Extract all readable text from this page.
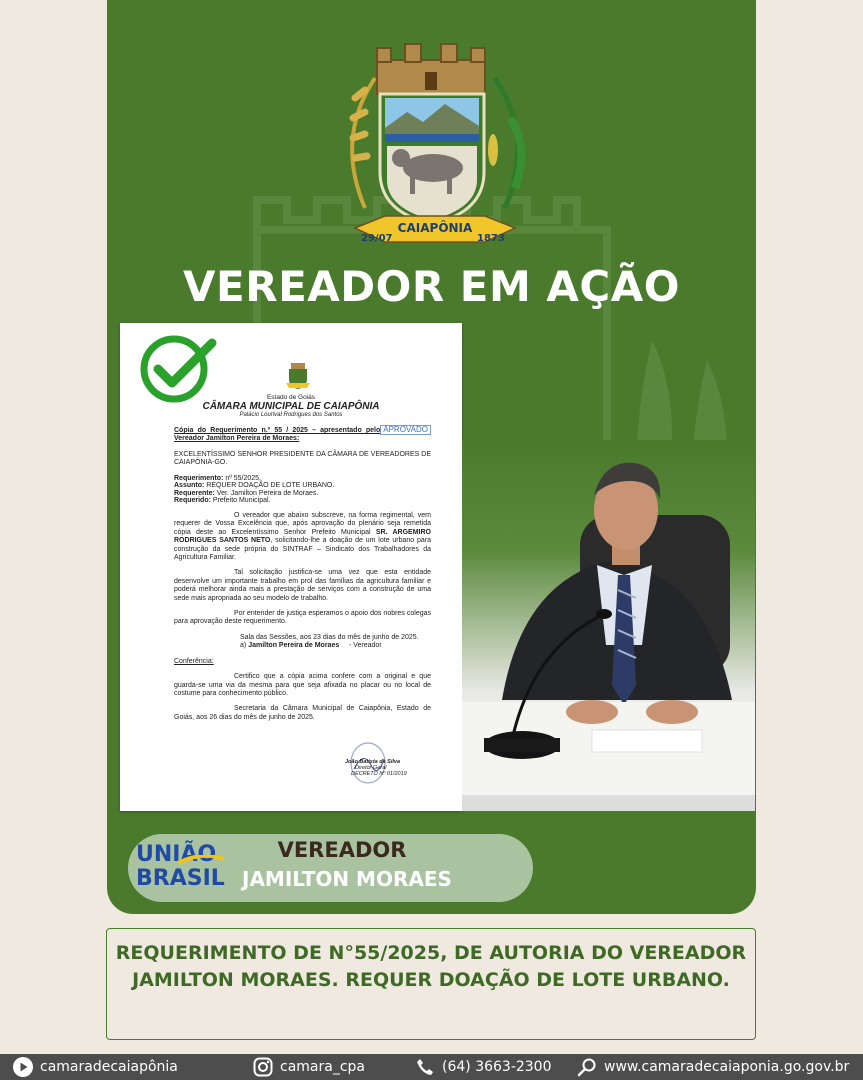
CAIAPÔNIA
29/07	1873
VEREADOR EM AÇÃO
Estado de Goiás
CÂMARA MUNICIPAL DE CAIAPÔNIA
Palácio Lourival Rodrigues dos Santos

APROVADO
Cópia do Requerimento n.º 55 / 2025 – apresentado pelo Vereador Jamilton Pereira de Moraes:

EXCELENTÍSSIMO SENHOR PRESIDENTE DA CÂMARA DE VEREADORES DE CAIAPÔNIA-GO.

Requerimento: nº 55/2025.
Assunto: REQUER DOAÇÃO DE LOTE URBANO.
Requerente: Ver. Jamilton Pereira de Moraes.
Requerido: Prefeito Municipal.

O vereador que abaixo subscreve, na forma regimental, vem requerer de Vossa Excelência que, após aprovação do plenário seja remetida cópia deste ao Excelentíssimo Senhor Prefeito Municipal SR. ARGEMIRO RODRIGUES SANTOS NETO, solicitando-lhe a doação de um lote urbano para construção da sede própria do SINTRAF – Sindicato dos Trabalhadores da Agricultura Familiar.

Tal solicitação justifica-se uma vez que esta entidade desenvolve um importante trabalho em prol das famílias da agricultura familiar e poderá melhorar ainda mais a prestação de serviços com a construção de uma sede mais apropriada ao seu modelo de trabalho.

Por entender de justiça esperamos o apoio dos nobres colegas para aprovação deste requerimento.

Sala das Sessões, aos 23 dias do mês de junho de 2025.

a) Jamilton Pereira de Moraes - Vereador

Conferência:

Certifico que a cópia acima confere com a original e que guarda-se uma via da mesma para que seja afixada no placar ou no local de costume para conhecimento público.

Secretaria da Câmara Municipal de Caiapônia, Estado de Goiás, aos 26 dias do mês de junho de 2025.

João Batista da Silva
Diretor Geral
DECRETO Nº 01/2019
UNIÃO
BRASIL
VEREADOR
JAMILTON MORAES
REQUERIMENTO DE N°55/2025, DE AUTORIA DO VEREADOR JAMILTON MORAES. REQUER DOAÇÃO DE LOTE URBANO.
camaradecaiapônia	camara_cpa	(64) 3663-2300	www.camaradecaiaponia.go.gov.br
